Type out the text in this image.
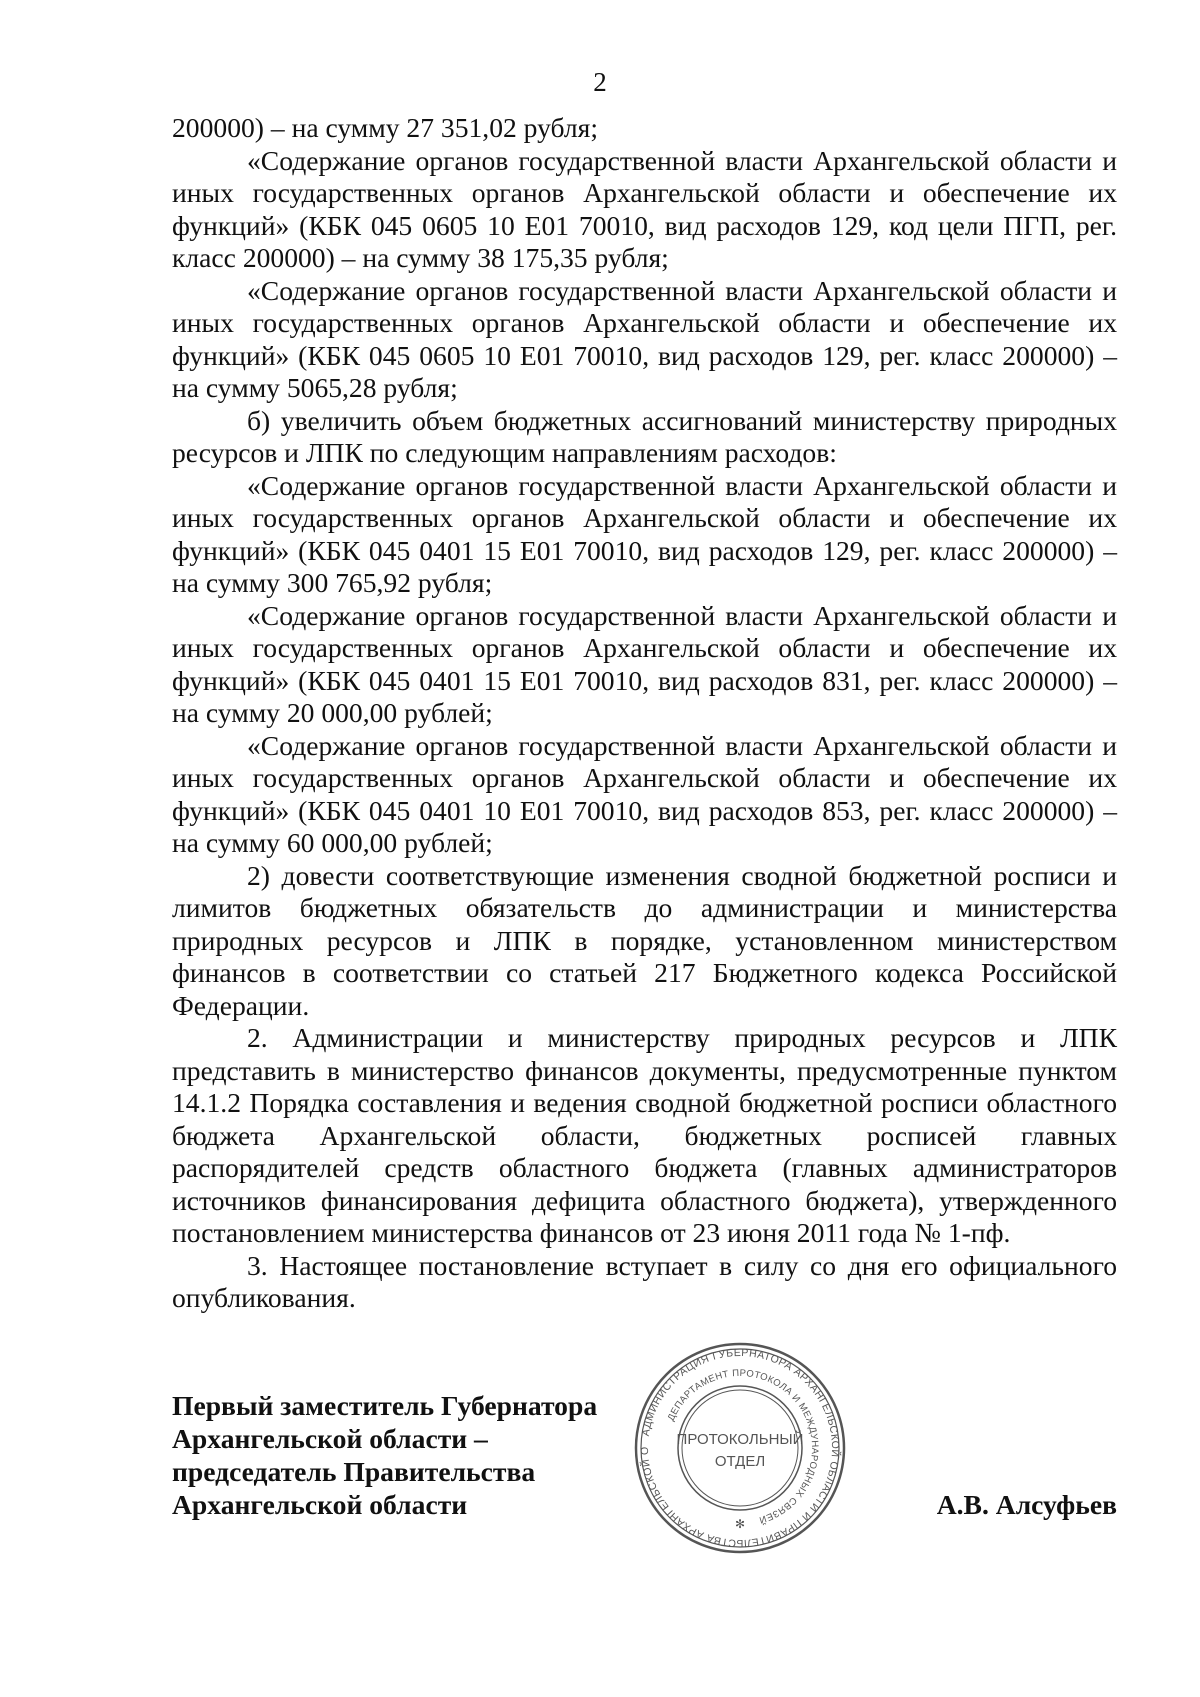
2

200000) – на сумму 27 351,02 рубля;

«Содержание органов государственной власти Архангельской области и иных государственных органов Архангельской области и обеспечение их функций» (КБК 045 0605 10 Е01 70010, вид расходов 129, код цели ПГП, рег. класс 200000) – на сумму 38 175,35 рубля;

«Содержание органов государственной власти Архангельской области и иных государственных органов Архангельской области и обеспечение их функций» (КБК 045 0605 10 Е01 70010, вид расходов 129, рег. класс 200000) – на сумму 5065,28 рубля;

б) увеличить объем бюджетных ассигнований министерству природных ресурсов и ЛПК по следующим направлениям расходов:

«Содержание органов государственной власти Архангельской области и иных государственных органов Архангельской области и обеспечение их функций» (КБК 045 0401 15 Е01 70010, вид расходов 129, рег. класс 200000) – на сумму 300 765,92 рубля;

«Содержание органов государственной власти Архангельской области и иных государственных органов Архангельской области и обеспечение их функций» (КБК 045 0401 15 Е01 70010, вид расходов 831, рег. класс 200000) – на сумму 20 000,00 рублей;

«Содержание органов государственной власти Архангельской области и иных государственных органов Архангельской области и обеспечение их функций» (КБК 045 0401 10 Е01 70010, вид расходов 853, рег. класс 200000) – на сумму 60 000,00 рублей;

2) довести соответствующие изменения сводной бюджетной росписи и лимитов бюджетных обязательств до администрации и министерства природных ресурсов и ЛПК в порядке, установленном министерством финансов в соответствии со статьей 217 Бюджетного кодекса Российской Федерации.

2. Администрации и министерству природных ресурсов и ЛПК представить в министерство финансов документы, предусмотренные пунктом 14.1.2 Порядка составления и ведения сводной бюджетной росписи областного бюджета Архангельской области, бюджетных росписей главных распорядителей средств областного бюджета (главных администраторов источников финансирования дефицита областного бюджета), утвержденного постановлением министерства финансов от 23 июня 2011 года № 1-пф.

3. Настоящее постановление вступает в силу со дня его официального опубликования.

Первый заместитель Губернатора
Архангельской области –
председатель Правительства
Архангельской области	А.В. Алсуфьев
АДМИНИСТРАЦИЯ ГУБЕРНАТОРА АРХАНГЕЛЬСКОЙ ОБЛАСТИ И ПРАВИТЕЛЬСТВА АРХАНГЕЛЬСКОЙ О
ДЕПАРТАМЕНТ ПРОТОКОЛА И МЕЖДУНАРОДНЫХ СВЯЗЕЙ
ПРОТОКОЛЬНЫЙ
ОТДЕЛ
✻
